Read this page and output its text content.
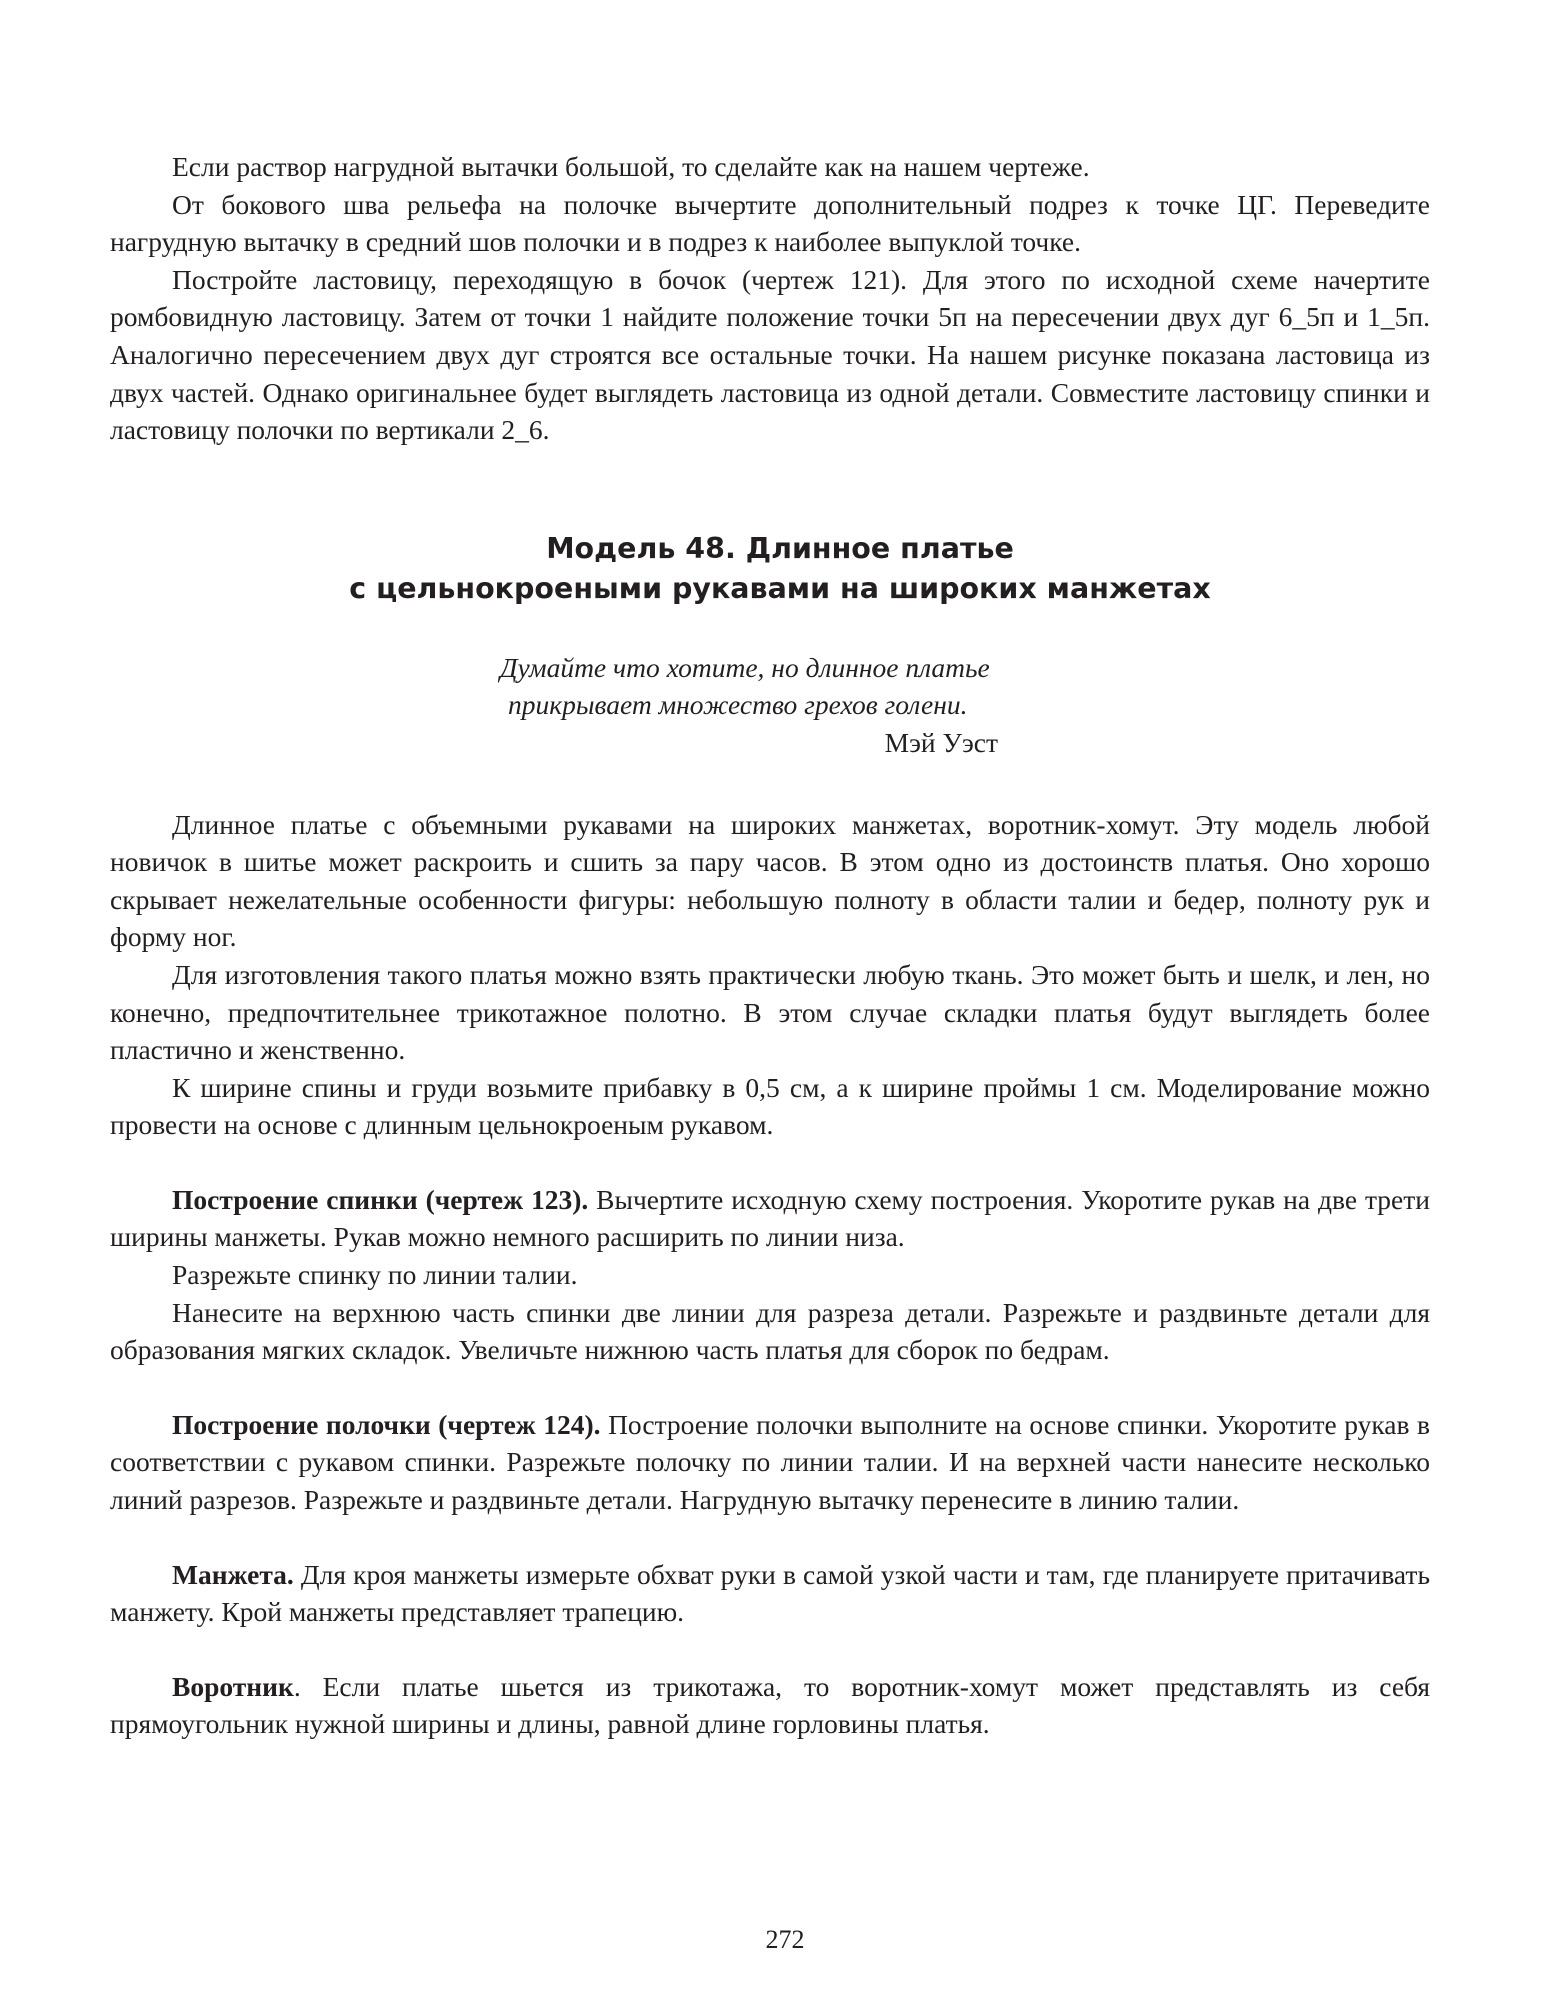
Если раствор нагрудной вытачки большой, то сделайте как на нашем чертеже.

От бокового шва рельефа на полочке вычертите дополнительный подрез к точке ЦГ. Переведите нагрудную вытачку в средний шов полочки и в подрез к наиболее выпуклой точке.

Постройте ластовицу, переходящую в бочок (чертеж 121). Для этого по исходной схеме начертите ромбовидную ластовицу. Затем от точки 1 найдите положение точки 5п на пересечении двух дуг 6_5п и 1_5п. Аналогично пересечением двух дуг строятся все остальные точки. На нашем рисунке показана ластовица из двух частей. Однако оригинальнее будет выглядеть ластовица из одной детали. Совместите ластовицу спинки и ластовицу полочки по вертикали 2_6.

Модель 48. Длинное платье
с цельнокроеными рукавами на широких манжетах
Думайте что хотите, но длинное платье
прикрывает множество грехов голени.
Мэй Уэст

Длинное платье с объемными рукавами на широких манжетах, воротник-хомут. Эту модель любой новичок в шитье может раскроить и сшить за пару часов. В этом одно из достоинств платья. Оно хорошо скрывает нежелательные особенности фигуры: небольшую полноту в области талии и бедер, полноту рук и форму ног.

Для изготовления такого платья можно взять практически любую ткань. Это может быть и шелк, и лен, но конечно, предпочтительнее трикотажное полотно. В этом случае складки платья будут выглядеть более пластично и женственно.

К ширине спины и груди возьмите прибавку в 0,5 см, а к ширине проймы 1 см. Моделирование можно провести на основе с длинным цельнокроеным рукавом.

Построение спинки (чертеж 123). Вычертите исходную схему построения. Укоротите рукав на две трети ширины манжеты. Рукав можно немного расширить по линии низа.

Разрежьте спинку по линии талии.

Нанесите на верхнюю часть спинки две линии для разреза детали. Разрежьте и раздвиньте детали для образования мягких складок. Увеличьте нижнюю часть платья для сборок по бедрам.

Построение полочки (чертеж 124). Построение полочки выполните на основе спинки. Укоротите рукав в соответствии с рукавом спинки. Разрежьте полочку по линии талии. И на верхней части нанесите несколько линий разрезов. Разрежьте и раздвиньте детали. Нагрудную вытачку перенесите в линию талии.

Манжета. Для кроя манжеты измерьте обхват руки в самой узкой части и там, где планируете притачивать манжету. Крой манжеты представляет трапецию.

Воротник. Если платье шьется из трикотажа, то воротник-хомут может представлять из себя прямоугольник нужной ширины и длины, равной длине горловины платья.

272
